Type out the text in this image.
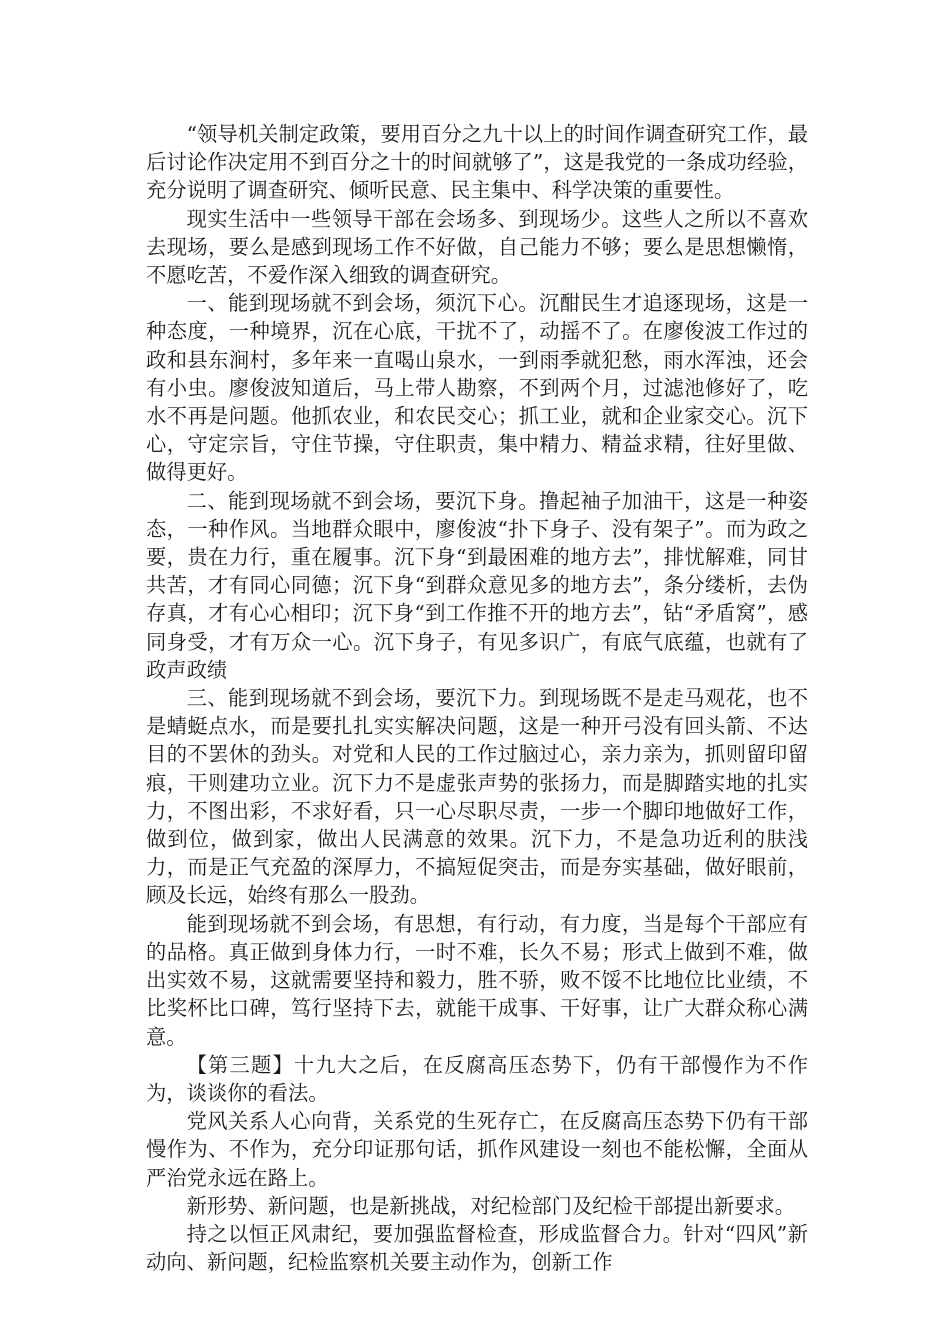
“领导机关制定政策，要用百分之九十以上的时间作调查研究工作，最后讨论作决定用不到百分之十的时间就够了”，这是我党的一条成功经验，充分说明了调查研究、倾听民意、民主集中、科学决策的重要性。

现实生活中一些领导干部在会场多、到现场少。这些人之所以不喜欢去现场，要么是感到现场工作不好做，自己能力不够；要么是思想懒惰，不愿吃苦，不爱作深入细致的调查研究。

一、能到现场就不到会场，须沉下心。沉酣民生才追逐现场，这是一种态度，一种境界，沉在心底，干扰不了，动摇不了。在廖俊波工作过的政和县东涧村，多年来一直喝山泉水，一到雨季就犯愁，雨水浑浊，还会有小虫。廖俊波知道后，马上带人勘察，不到两个月，过滤池修好了，吃水不再是问题。他抓农业，和农民交心；抓工业，就和企业家交心。沉下心，守定宗旨，守住节操，守住职责，集中精力、精益求精，往好里做、做得更好。

二、能到现场就不到会场，要沉下身。撸起袖子加油干，这是一种姿态，一种作风。当地群众眼中，廖俊波“扑下身子、没有架子”。而为政之要，贵在力行，重在履事。沉下身“到最困难的地方去”，排忧解难，同甘共苦，才有同心同德；沉下身“到群众意见多的地方去”，条分缕析，去伪存真，才有心心相印；沉下身“到工作推不开的地方去”，钻“矛盾窝”，感同身受，才有万众一心。沉下身子，有见多识广，有底气底蕴，也就有了政声政绩

三、能到现场就不到会场，要沉下力。到现场既不是走马观花，也不是蜻蜓点水，而是要扎扎实实解决问题，这是一种开弓没有回头箭、不达目的不罢休的劲头。对党和人民的工作过脑过心，亲力亲为，抓则留印留痕，干则建功立业。沉下力不是虚张声势的张扬力，而是脚踏实地的扎实力，不图出彩，不求好看，只一心尽职尽责，一步一个脚印地做好工作，做到位，做到家，做出人民满意的效果。沉下力，不是急功近利的肤浅力，而是正气充盈的深厚力，不搞短促突击，而是夯实基础，做好眼前，顾及长远，始终有那么一股劲。

能到现场就不到会场，有思想，有行动，有力度，当是每个干部应有的品格。真正做到身体力行，一时不难，长久不易；形式上做到不难，做出实效不易，这就需要坚持和毅力，胜不骄，败不馁不比地位比业绩，不比奖杯比口碑，笃行坚持下去，就能干成事、干好事，让广大群众称心满意。

【第三题】十九大之后，在反腐高压态势下，仍有干部慢作为不作为，谈谈你的看法。

党风关系人心向背，关系党的生死存亡，在反腐高压态势下仍有干部慢作为、不作为，充分印证那句话，抓作风建设一刻也不能松懈，全面从严治党永远在路上。

新形势、新问题，也是新挑战，对纪检部门及纪检干部提出新要求。

持之以恒正风肃纪，要加强监督检查，形成监督合力。针对“四风”新动向、新问题，纪检监察机关要主动作为，创新工作
